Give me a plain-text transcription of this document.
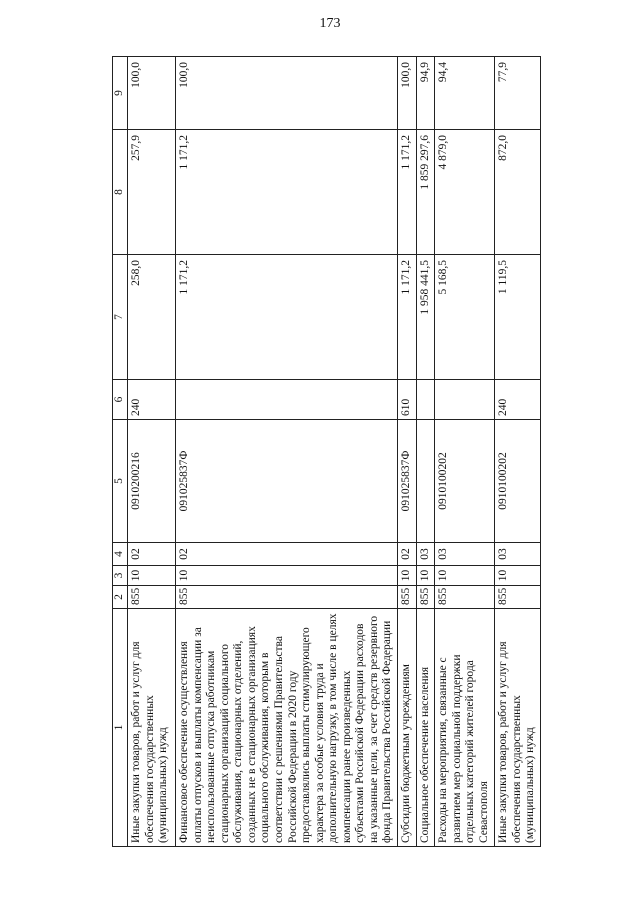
173
1	2	3	4	5	6	7	8	9
Иные закупки товаров, работ и услуг для обеспечения государственных (муниципальных) нужд	855	10	02	0910200216	240	258,0	257,9	100,0
Финансовое обеспечение осуществления оплаты отпусков и выплаты компенсации за неиспользованные отпуска работникам стационарных организаций социального обслуживания, стационарных отделений, созданных не в стационарных организациях социального обслуживания, которым в соответствии с решениями Правительства Российской Федерации в 2020 году предоставлялись выплаты стимулирующего характера за особые условия труда и дополнительную нагрузку, в том числе в целях компенсации ранее произведенных субъектами Российской Федерации расходов на указанные цели, за счет средств резервного фонда Правительства Российской Федерации	855	10	02	091025837Ф		1 171,2	1 171,2	100,0
Субсидии бюджетным учреждениям	855	10	02	091025837Ф	610	1 171,2	1 171,2	100,0
Социальное обеспечение населения	855	10	03			1 958 441,5	1 859 297,6	94,9
Расходы на мероприятия, связанные с развитием мер социальной поддержки отдельных категорий жителей города Севастополя	855	10	03	0910100202		5 168,5	4 879,0	94,4
Иные закупки товаров, работ и услуг для обеспечения государственных (муниципальных) нужд	855	10	03	0910100202	240	1 119,5	872,0	77,9
